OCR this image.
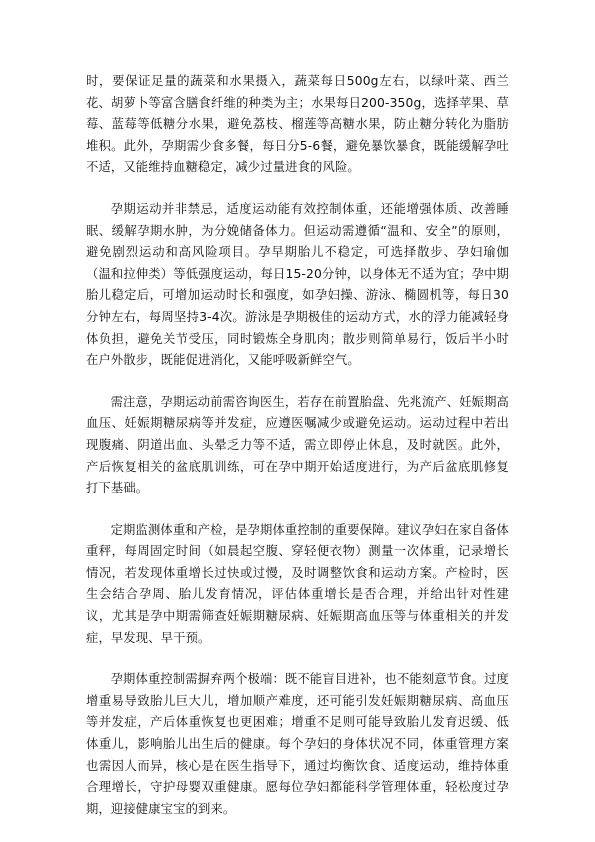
时，要保证足量的蔬菜和水果摄入，蔬菜每日500g左右，以绿叶菜、西兰花、胡萝卜等富含膳食纤维的种类为主；水果每日200-350g，选择苹果、草莓、蓝莓等低糖分水果，避免荔枝、榴莲等高糖水果，防止糖分转化为脂肪堆积。此外，孕期需少食多餐，每日分5-6餐，避免暴饮暴食，既能缓解孕吐不适，又能维持血糖稳定，减少过量进食的风险。

孕期运动并非禁忌，适度运动能有效控制体重，还能增强体质、改善睡眠、缓解孕期水肿，为分娩储备体力。但运动需遵循“温和、安全”的原则，避免剧烈运动和高风险项目。孕早期胎儿不稳定，可选择散步、孕妇瑜伽（温和拉伸类）等低强度运动，每日15-20分钟，以身体无不适为宜；孕中期胎儿稳定后，可增加运动时长和强度，如孕妇操、游泳、椭圆机等，每日30分钟左右，每周坚持3-4次。游泳是孕期极佳的运动方式，水的浮力能减轻身体负担，避免关节受压，同时锻炼全身肌肉；散步则简单易行，饭后半小时在户外散步，既能促进消化，又能呼吸新鲜空气。

需注意，孕期运动前需咨询医生，若存在前置胎盘、先兆流产、妊娠期高血压、妊娠期糖尿病等并发症，应遵医嘱减少或避免运动。运动过程中若出现腹痛、阴道出血、头晕乏力等不适，需立即停止休息，及时就医。此外，产后恢复相关的盆底肌训练，可在孕中期开始适度进行，为产后盆底肌修复打下基础。

定期监测体重和产检，是孕期体重控制的重要保障。建议孕妇在家自备体重秤，每周固定时间（如晨起空腹、穿轻便衣物）测量一次体重，记录增长情况，若发现体重增长过快或过慢，及时调整饮食和运动方案。产检时，医生会结合孕周、胎儿发育情况，评估体重增长是否合理，并给出针对性建议，尤其是孕中期需筛查妊娠期糖尿病、妊娠期高血压等与体重相关的并发症，早发现、早干预。

孕期体重控制需摒弃两个极端：既不能盲目进补，也不能刻意节食。过度增重易导致胎儿巨大儿，增加顺产难度，还可能引发妊娠期糖尿病、高血压等并发症，产后体重恢复也更困难；增重不足则可能导致胎儿发育迟缓、低体重儿，影响胎儿出生后的健康。每个孕妇的身体状况不同，体重管理方案也需因人而异，核心是在医生指导下，通过均衡饮食、适度运动，维持体重合理增长，守护母婴双重健康。愿每位孕妇都能科学管理体重，轻松度过孕期，迎接健康宝宝的到来。
